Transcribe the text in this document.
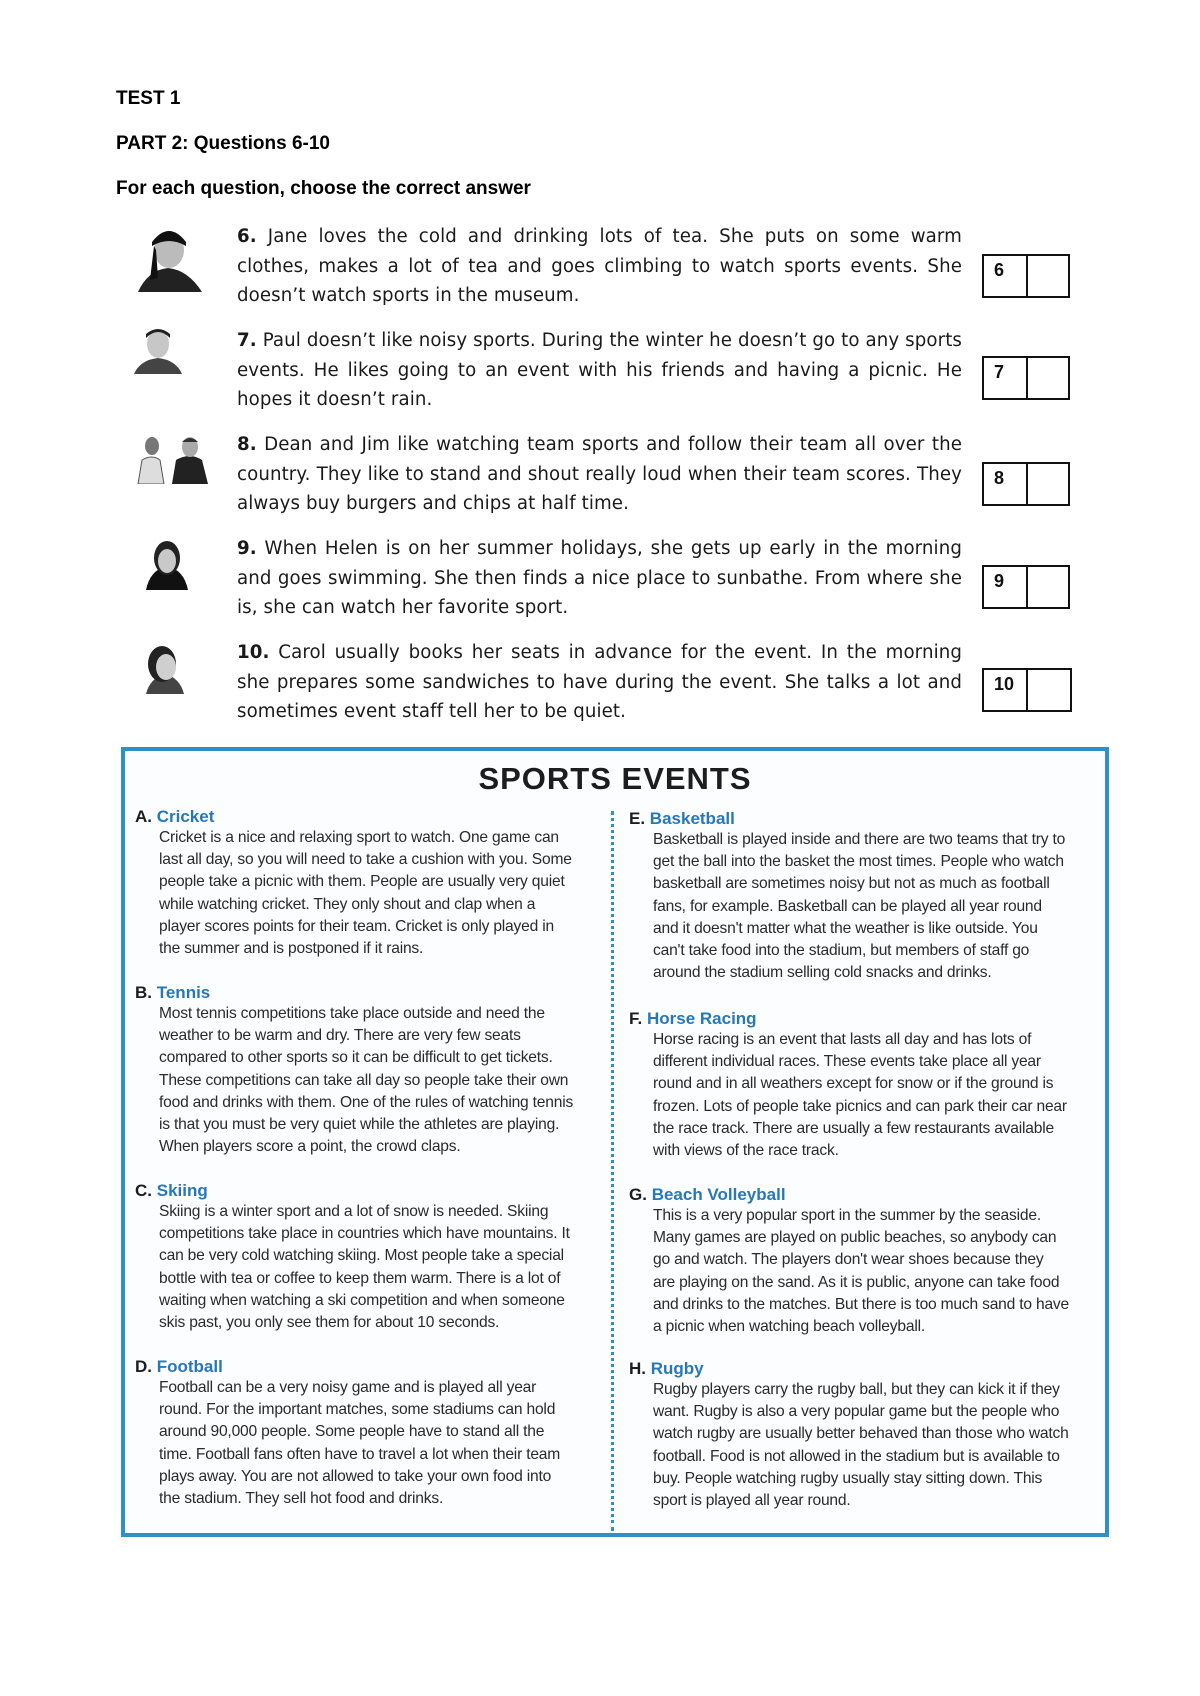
TEST 1
PART 2: Questions 6-10
For each question, choose the correct answer
6. Jane loves the cold and drinking lots of tea. She puts on some warm clothes, makes a lot of tea and goes climbing to watch sports events. She doesn’t watch sports in the museum.
7. Paul doesn’t like noisy sports. During the winter he doesn’t go to any sports events. He likes going to an event with his friends and having a picnic. He hopes it doesn’t rain.
8. Dean and Jim like watching team sports and follow their team all over the country. They like to stand and shout really loud when their team scores. They always buy burgers and chips at half time.
9. When Helen is on her summer holidays, she gets up early in the morning and goes swimming. She then finds a nice place to sunbathe. From where she is, she can watch her favorite sport.
10. Carol usually books her seats in advance for the event. In the morning she prepares some sandwiches to have during the event. She talks a lot and sometimes event staff tell her to be quiet.
6
7
8
9
10
SPORTS EVENTS
A. Cricket
Cricket is a nice and relaxing sport to watch. One game can last all day, so you will need to take a cushion with you. Some people take a picnic with them. People are usually very quiet while watching cricket. They only shout and clap when a player scores points for their team. Cricket is only played in the summer and is postponed if it rains.
B. Tennis
Most tennis competitions take place outside and need the weather to be warm and dry. There are very few seats compared to other sports so it can be difficult to get tickets. These competitions can take all day so people take their own food and drinks with them. One of the rules of watching tennis is that you must be very quiet while the athletes are playing. When players score a point, the crowd claps.
C. Skiing
Skiing is a winter sport and a lot of snow is needed. Skiing competitions take place in countries which have mountains. It can be very cold watching skiing. Most people take a special bottle with tea or coffee to keep them warm. There is a lot of waiting when watching a ski competition and when someone skis past, you only see them for about 10 seconds.
D. Football
Football can be a very noisy game and is played all year round. For the important matches, some stadiums can hold around 90,000 people. Some people have to stand all the time. Football fans often have to travel a lot when their team plays away. You are not allowed to take your own food into the stadium. They sell hot food and drinks.
E. Basketball
Basketball is played inside and there are two teams that try to get the ball into the basket the most times. People who watch basketball are sometimes noisy but not as much as football fans, for example. Basketball can be played all year round and it doesn't matter what the weather is like outside. You can't take food into the stadium, but members of staff go around the stadium selling cold snacks and drinks.
F. Horse Racing
Horse racing is an event that lasts all day and has lots of different individual races. These events take place all year round and in all weathers except for snow or if the ground is frozen. Lots of people take picnics and can park their car near the race track. There are usually a few restaurants available with views of the race track.
G. Beach Volleyball
This is a very popular sport in the summer by the seaside. Many games are played on public beaches, so anybody can go and watch. The players don't wear shoes because they are playing on the sand. As it is public, anyone can take food and drinks to the matches. But there is too much sand to have a picnic when watching beach volleyball.
H. Rugby
Rugby players carry the rugby ball, but they can kick it if they want. Rugby is also a very popular game but the people who watch rugby are usually better behaved than those who watch football. Food is not allowed in the stadium but is available to buy. People watching rugby usually stay sitting down. This sport is played all year round.
